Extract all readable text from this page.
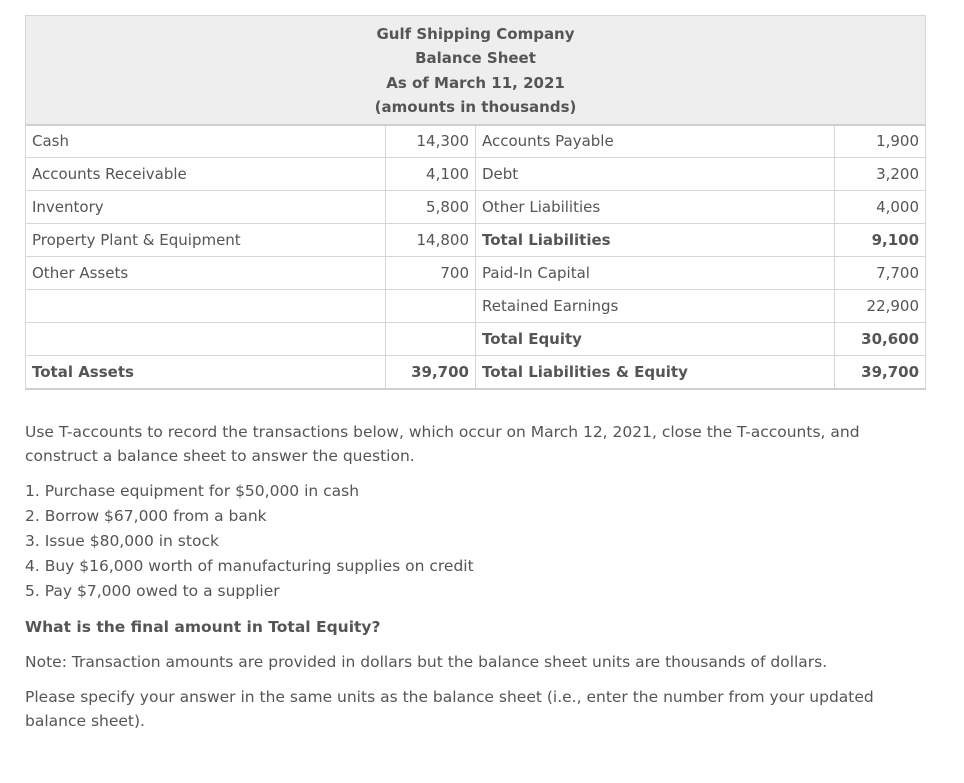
Gulf Shipping Company
Balance Sheet
As of March 11, 2021
(amounts in thousands)			

Cash	14,300	Accounts Payable	1,900
Accounts Receivable	4,100	Debt	3,200
Inventory	5,800	Other Liabilities	4,000
Property Plant & Equipment	14,800	Total Liabilities	9,100
Other Assets	700	Paid-In Capital	7,700
		Retained Earnings	22,900
		Total Equity	30,600
Total Assets	39,700	Total Liabilities & Equity	39,700

Use T-accounts to record the transactions below, which occur on March 12, 2021, close the T-accounts, and construct a balance sheet to answer the question.

1. Purchase equipment for $50,000 in cash
2. Borrow $67,000 from a bank
3. Issue $80,000 in stock
4. Buy $16,000 worth of manufacturing supplies on credit
5. Pay $7,000 owed to a supplier

What is the final amount in Total Equity?

Note: Transaction amounts are provided in dollars but the balance sheet units are thousands of dollars.

Please specify your answer in the same units as the balance sheet (i.e., enter the number from your updated balance sheet).
